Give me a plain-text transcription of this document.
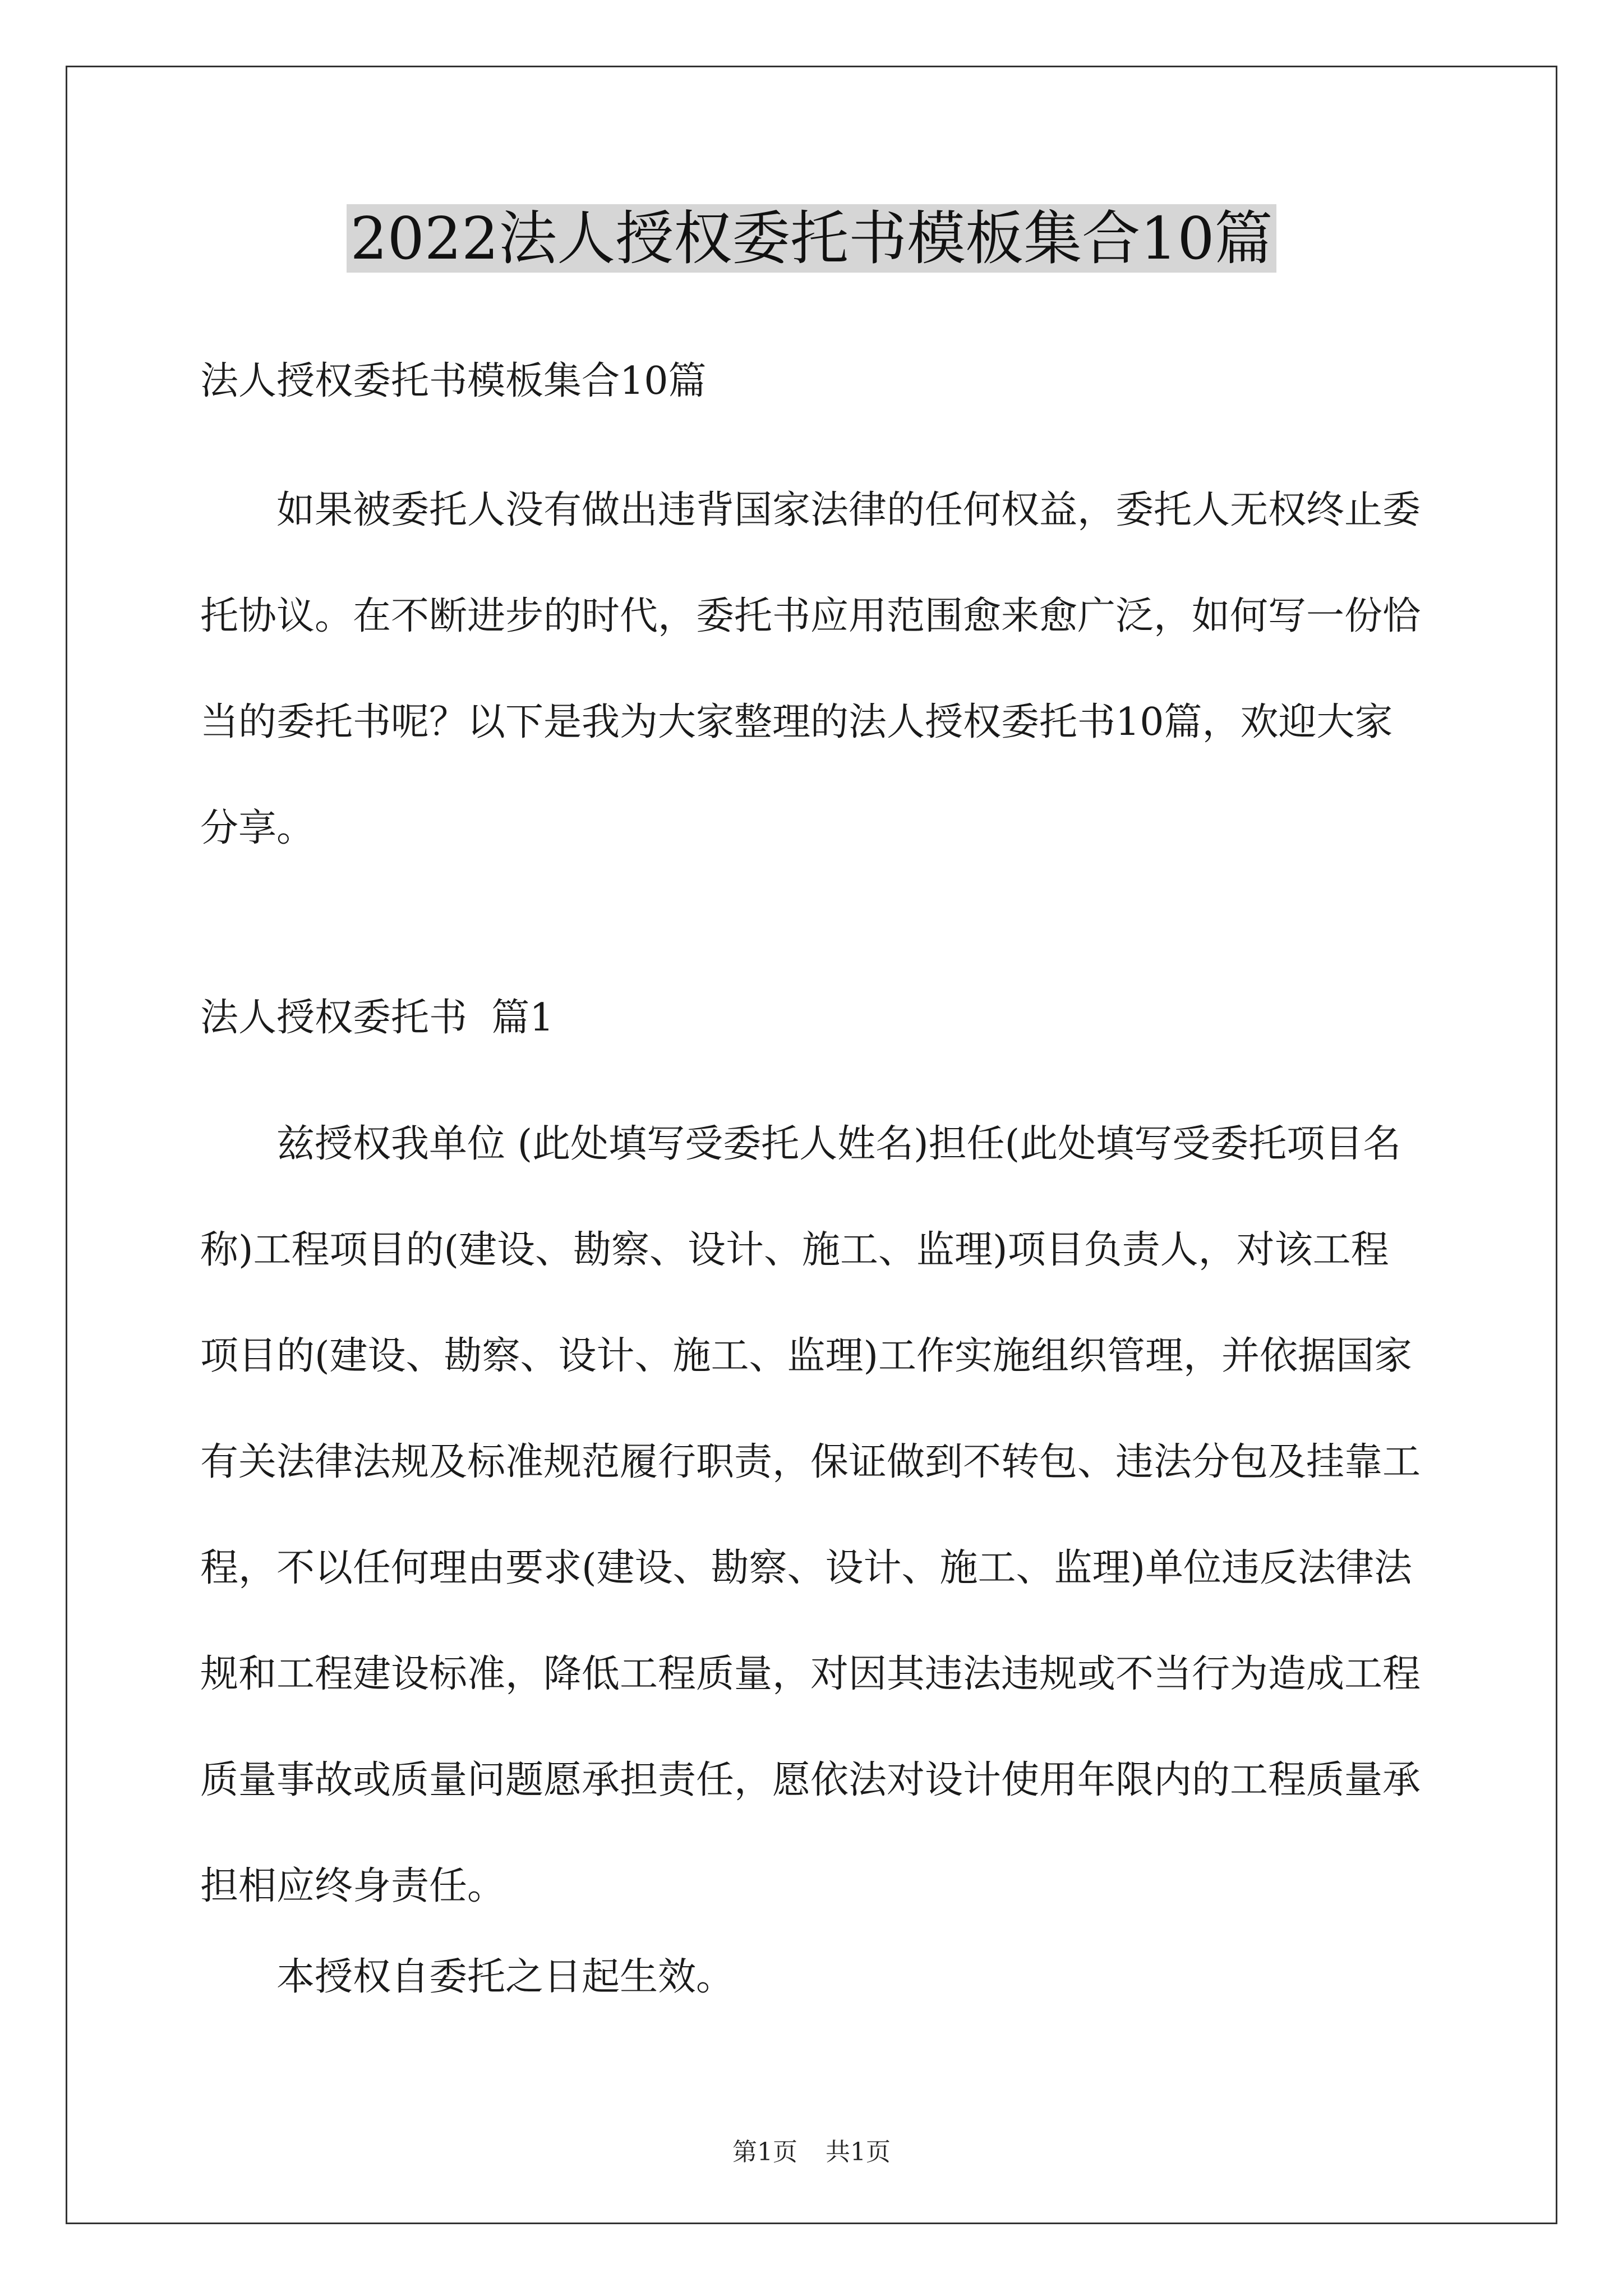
2022法人授权委托书模板集合10篇
法人授权委托书模板集合10篇
如果被委托人没有做出违背国家法律的任何权益，委托人无权终止委托协议。在不断进步的时代，委托书应用范围愈来愈广泛，如何写一份恰当的委托书呢？以下是我为大家整理的法人授权委托书10篇，欢迎大家分享。
法人授权委托书  篇1
兹授权我单位 (此处填写受委托人姓名)担任(此处填写受委托项目名称)工程项目的(建设、勘察、设计、施工、监理)项目负责人，对该工程项目的(建设、勘察、设计、施工、监理)工作实施组织管理，并依据国家有关法律法规及标准规范履行职责，保证做到不转包、违法分包及挂靠工程，不以任何理由要求(建设、勘察、设计、施工、监理)单位违反法律法规和工程建设标准，降低工程质量，对因其违法违规或不当行为造成工程质量事故或质量问题愿承担责任，愿依法对设计使用年限内的工程质量承担相应终身责任。
本授权自委托之日起生效。
第1页 共1页
